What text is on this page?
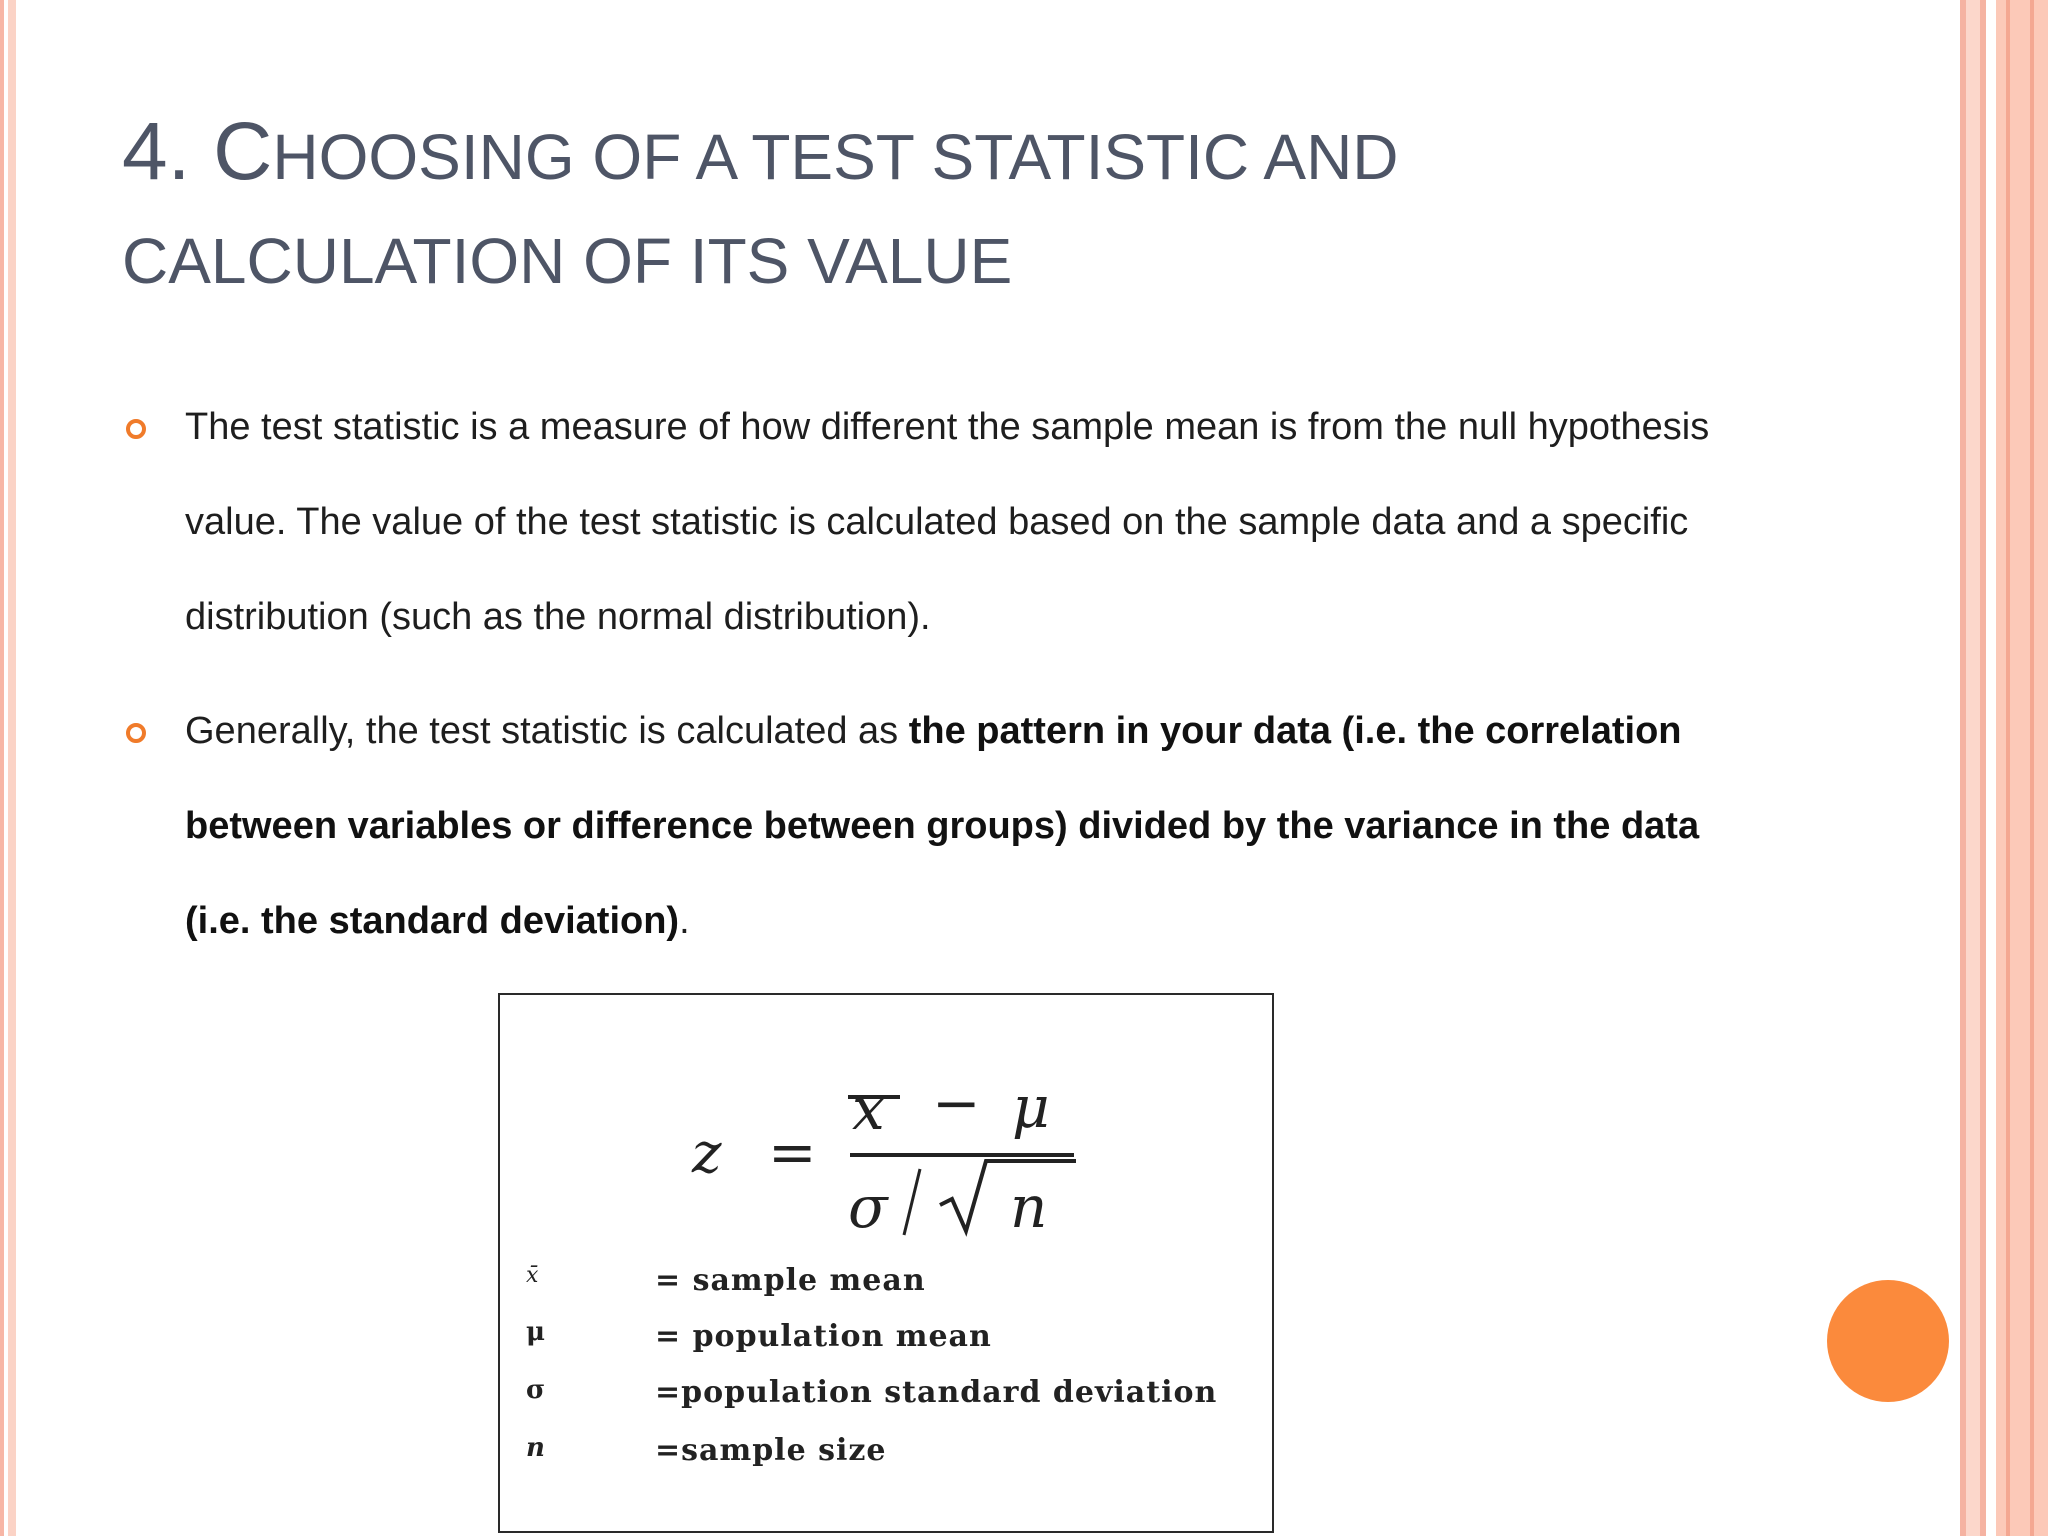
4. CHOOSING OF A TEST STATISTIC AND
CALCULATION OF ITS VALUE
The test statistic is a measure of how different the sample mean is from the null hypothesis value. The value of the test statistic is calculated based on the sample data and a specific distribution (such as the normal distribution).
Generally, the test statistic is calculated as the pattern in your data (i.e. the correlation between variables or difference between groups) divided by the variance in the data (i.e. the standard deviation).
z =
x − μ
σ n
x̄	= sample mean
μ	= population mean
σ	=population standard deviation
n	=sample size
